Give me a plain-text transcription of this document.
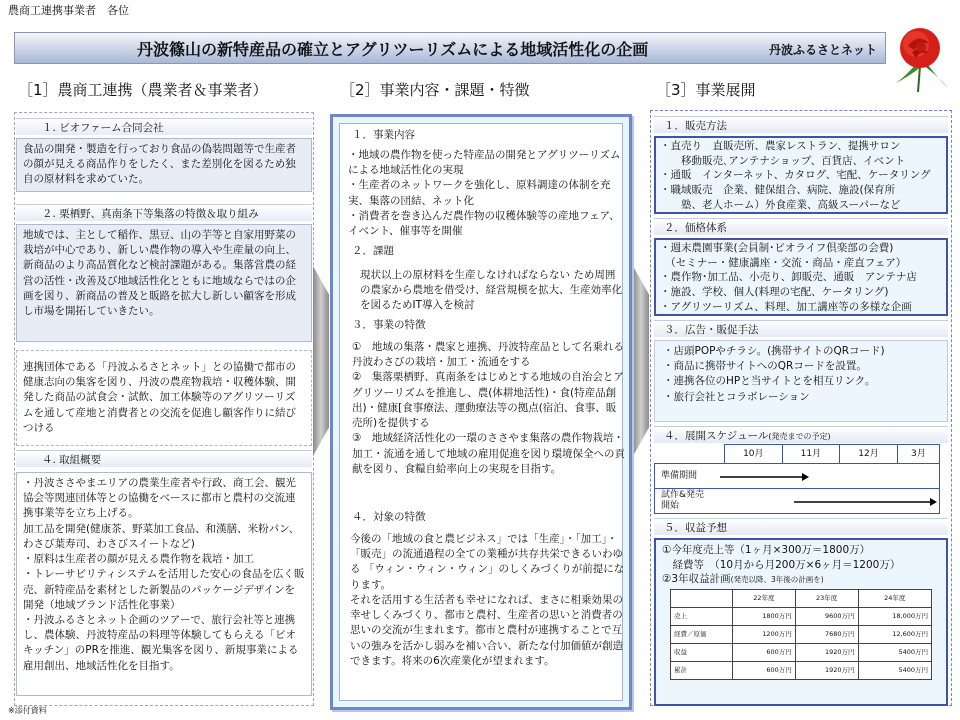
農商工連携事業者　各位
丹波篠山の新特産品の確立とアグリツーリズムによる地域活性化の企画	丹波ふるさとネット
［1］農商工連携（農業者＆事業者）	［2］事業内容・課題・特徴	［3］事業展開
１. ビオファーム合同会社
食品の開発・製造を行っており食品の偽装問題等で生産者の顔が見える商品作りをしたく、また差別化を図るため独自の原材料を求めていた。
２. 栗栖野、真南条下等集落の特徴＆取り組み
地域では、主として稲作、黒豆、山の芋等と自家用野菜の栽培が中心であり、新しい農作物の導入や生産量の向上、新商品のより高品質化など検討課題がある。集落営農の経営の活性・改善及び地域活性化とともに地域ならではの企画を図り、新商品の普及と販路を拡大し新しい顧客を形成し市場を開拓していきたい。
連携団体である「丹波ふるさとネット」との協働で都市の健康志向の集客を図り、丹波の農産物栽培・収穫体験、開発した商品の試食会・試飲、加工体験等のアグリツーリズムを通して産地と消費者との交流を促進し顧客作りに結びつける
４. 取組概要
・丹波ささやまエリアの農業生産者や行政、商工会、観光協会等関連団体等との協働をベースに都市と農村の交流連携事業等を立ち上げる。
加工品を開発(健康茶、野菜加工食品、和漢膳、米粉パン、わさび葉寿司、わさびスイートなど)
・原料は生産者の顔が見える農作物を栽培・加工
・トレーサビリティシステムを活用した安心の食品を広く販売、新特産品を素材とした新製品のパッケージデザインを開発（地域ブランド活性化事業）
・丹波ふるさとネット企画のツアーで、旅行会社等と連携し、農体験、丹波特産品の料理等体験してもらえる「ビオキッチン」のPRを推進、観光集客を図り、新規事業による雇用創出、地域活性化を目指す。
１．事業内容
・地域の農作物を使った特産品の開発とアグリツーリズムによる地域活性化の実現
・生産者のネットワークを強化し、原料調達の体制を充実、集落の団結、ネット化
・消費者を巻き込んだ農作物の収穫体験等の産地フェア、イベント、催事等を開催
２．課題
現状以上の原材料を生産しなければならない ため周囲の農家から農地を借受け、経営規模を拡大、生産効率化を図るためIT導入を検討
３．事業の特徴
①　地域の集落・農家と連携、丹波特産品として名乗れる丹波わさびの栽培・加工・流通をする
②　集落栗栖野、真南条をはじめとする地域の自治会とアグリツーリズムを推進し、農(体耕地活性)・食(特産品創出)・健康[食事療法、運動療法等の拠点(宿泊、食事、販売所)を提供する
③　地域経済活性化の一環のささやま集落の農作物栽培・加工・流通を通して地域の雇用促進を図り環境保全への貢献を図り、食糧自給率向上の実現を目指す。
４．対象の特徴
今後の「地域の食と農ビジネス」では「生産」・「加工」・「販売」の流通過程の全ての業種が共存共栄できるいわゆる 「ウィン・ウィン・ウィン」のしくみづくりが前提になります。
それを活用する生活者も幸せになれば、まさに相乗効果の幸せしくみづくり、都市と農村、生産者の思いと消費者の思いの交流が生まれます。都市と農村が連携することで互いの強みを活かし弱みを補い合い、新たな付加価値が創造できます。将来の6次産業化が望まれます。
１．販売方法
・直売り　直販売所、農家レストラン、提携サロン
　　移動販売､アンテナショップ、百貨店、イベント
・通販　インターネット、カタログ、宅配、ケータリング
・職域販売　企業、健保組合、病院、施設(保育所
　　塾、老人ホーム）外食産業、高級スーパーなど
２．価格体系
・週末農園事業(会員制･ビオライフ倶楽部の会費)
　（セミナー・健康講座・交流・商品・産直フェア）
・農作物･加工品、小売り、卸販売、通販　アンテナ店
・施設、学校、個人(料理の宅配、ケータリング)
・アグリツーリズム、料理、加工講座等の多様な企画
３．広告・販促手法
・店頭POPやチラシ。(携帯サイトのQRコード)
・商品に携帯サイトへのQRコードを設置。
・連携各位のHPと当サイトとを相互リンク。
・旅行会社とコラボレーション
４．展開スケジュール(発売までの予定)
	10月	11月	12月	3月
準備期間				

試作&発売
開始				

５．収益予想
①今年度売上等（1ヶ月×300万＝1800万）
　経費等　（10月から月200万×6ヶ月＝1200万）
②3年収益計画(発売以降、3年後の計画を)
	22年度	23年度	24年度
売上	1800万円	9600万円	18,000万円
経費／原価	1200万円	7680万円	12,600万円
収益	600万円	1920万円	5400万円
累計	600万円	1920万円	5400万円
※添付資料
